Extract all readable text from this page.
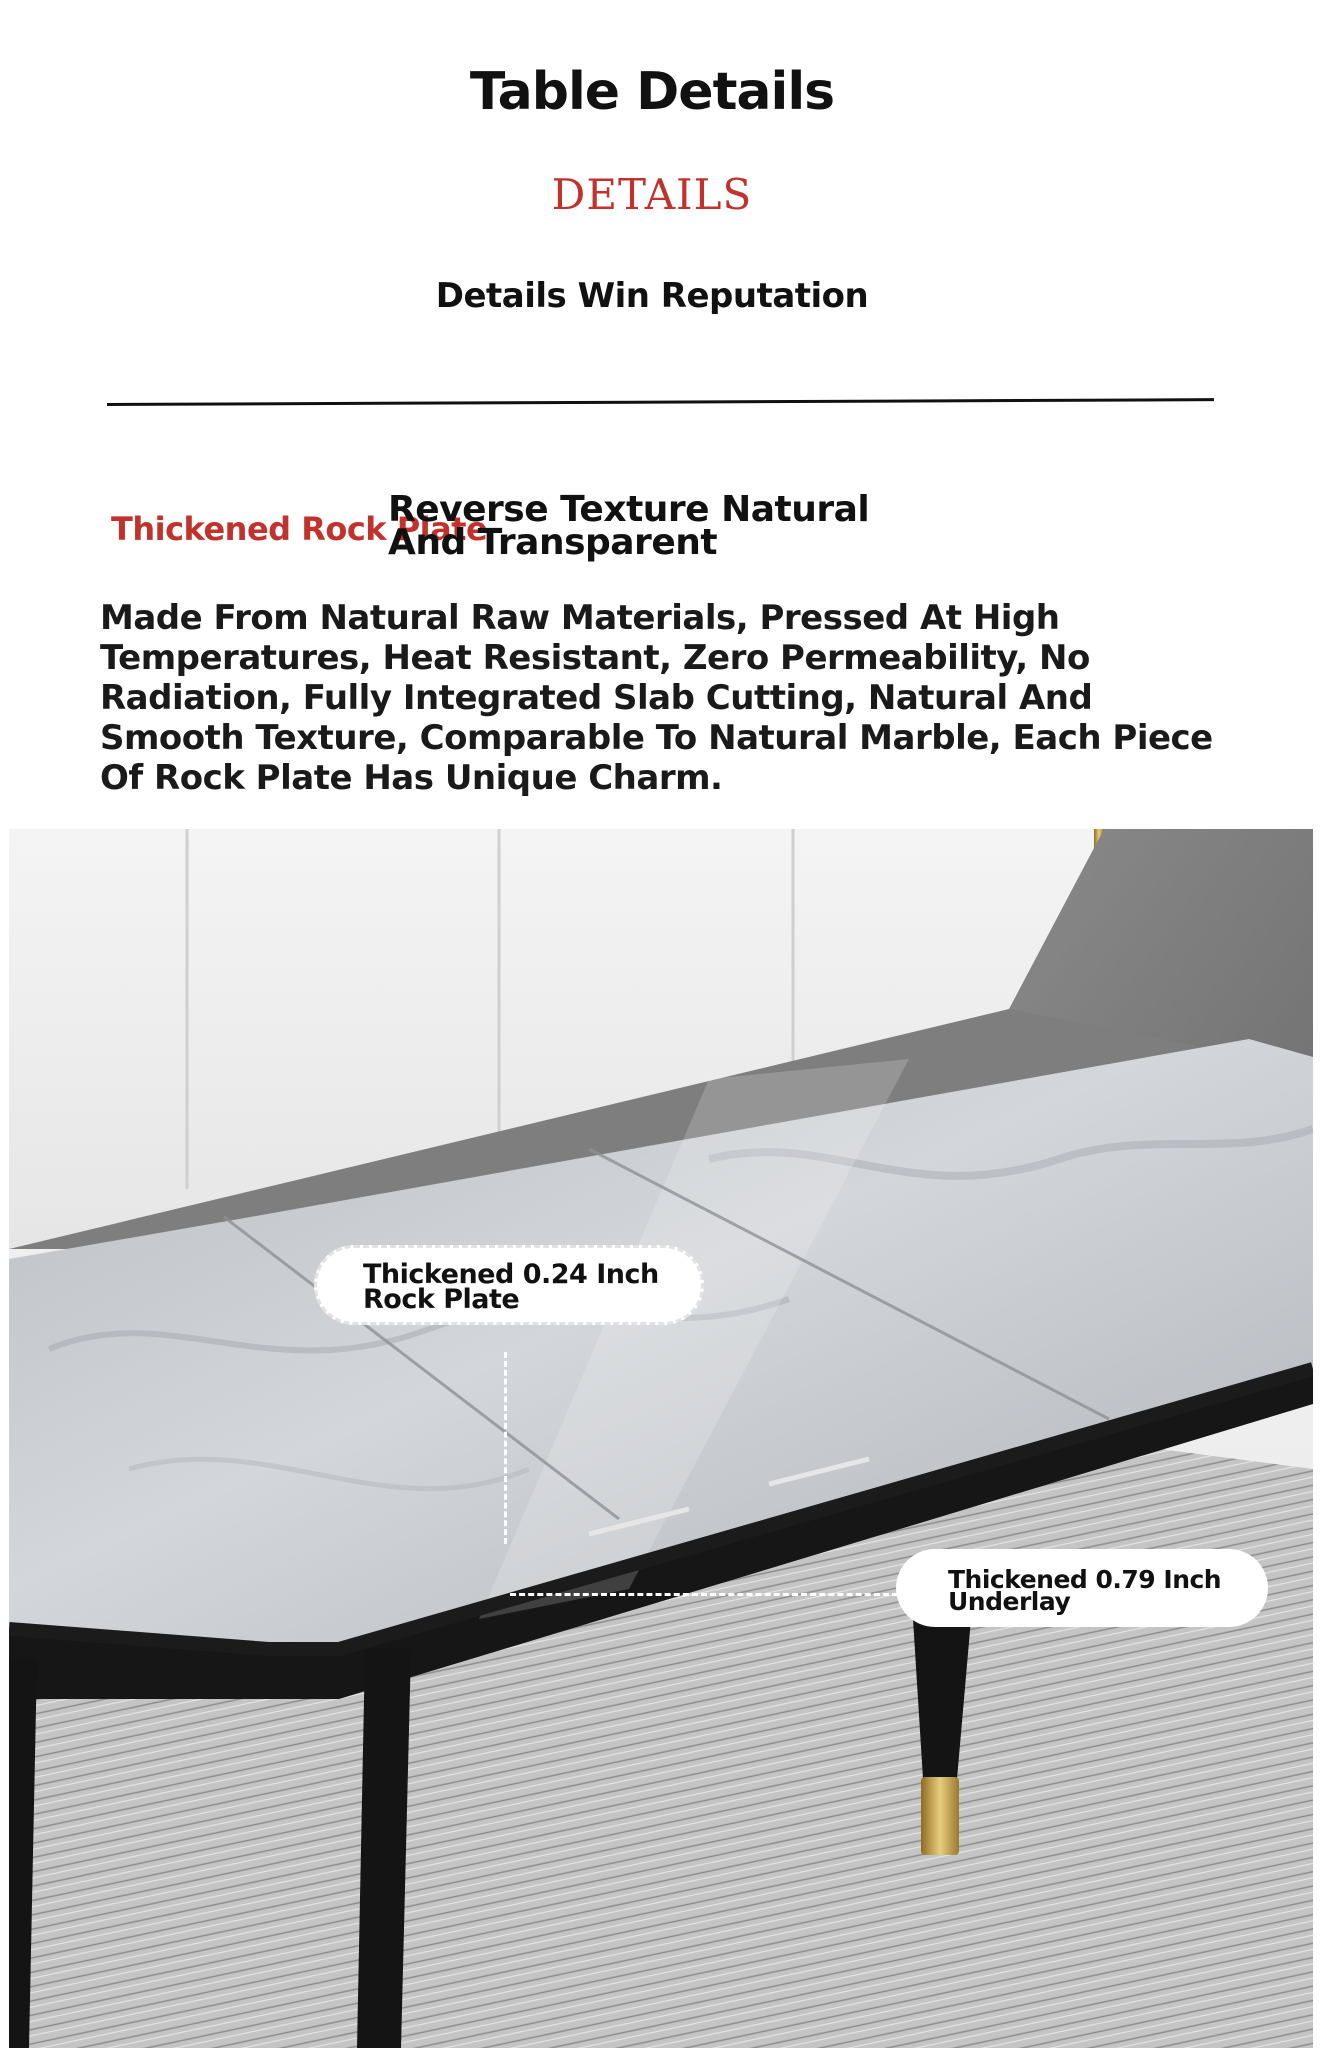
Table Details
DETAILS
Details Win Reputation
Thickened Rock Plate
Reverse Texture Natural And Transparent
Made From Natural Raw Materials, Pressed At High Temperatures, Heat Resistant, Zero Permeability, No Radiation, Fully Integrated Slab Cutting, Natural And Smooth Texture, Comparable To Natural Marble, Each Piece Of Rock Plate Has Unique Charm.
Thickened 0.24 Inch Rock Plate
Thickened 0.79 Inch Underlay
